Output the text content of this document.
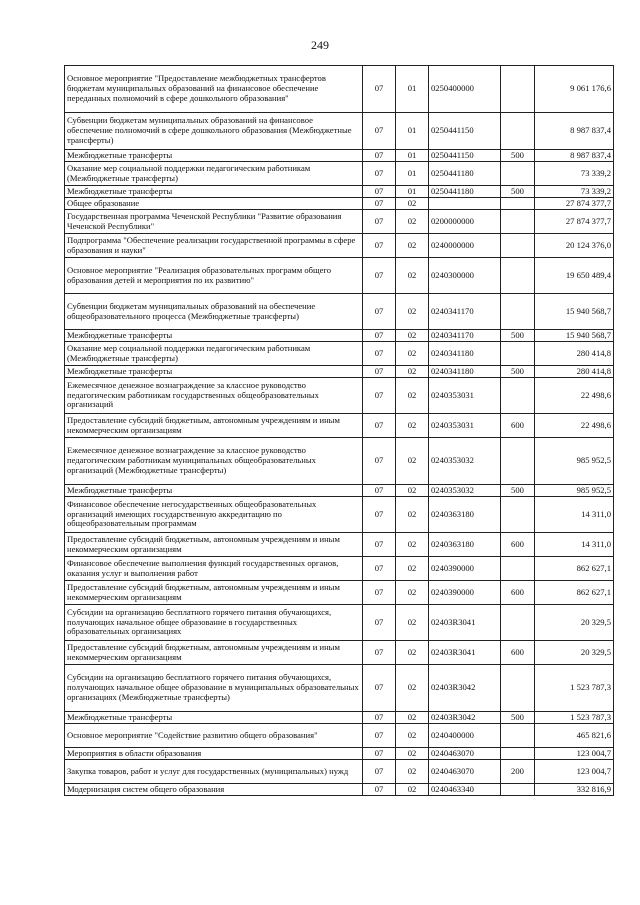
249
Основное мероприятие "Предоставление межбюджетных трансфертов бюджетам муниципальных образований на финансовое обеспечение переданных полномочий в сфере дошкольного образования"	07	01	0250400000		9 061 176,6
Субвенции бюджетам муниципальных образований на финансовое обеспечение полномочий в сфере дошкольного образования (Межбюджетные трансферты)	07	01	0250441150		8 987 837,4
Межбюджетные трансферты	07	01	0250441150	500	8 987 837,4
Оказание мер социальной поддержки педагогическим работникам (Межбюджетные трансферты)	07	01	0250441180		73 339,2
Межбюджетные трансферты	07	01	0250441180	500	73 339,2
Общее образование	07	02			27 874 377,7
Государственная программа Чеченской Республики "Развитие образования Чеченской Республики"	07	02	0200000000		27 874 377,7
Подпрограмма "Обеспечение реализации государственной программы в сфере образования и науки"	07	02	0240000000		20 124 376,0
Основное мероприятие "Реализация образовательных программ общего образования детей и мероприятия по их развитию"	07	02	0240300000		19 650 489,4
Субвенции бюджетам муниципальных образований на обеспечение общеобразовательного процесса (Межбюджетные трансферты)	07	02	0240341170		15 940 568,7
Межбюджетные трансферты	07	02	0240341170	500	15 940 568,7
Оказание мер социальной поддержки педагогическим работникам (Межбюджетные трансферты)	07	02	0240341180		280 414,8
Межбюджетные трансферты	07	02	0240341180	500	280 414,8
Ежемесячное денежное вознаграждение за классное руководство педагогическим работникам государственных общеобразовательных организаций	07	02	0240353031		22 498,6
Предоставление субсидий бюджетным, автономным учреждениям и иным некоммерческим организациям	07	02	0240353031	600	22 498,6
Ежемесячное денежное вознаграждение за классное руководство педагогическим работникам муниципальных общеобразовательных организаций (Межбюджетные трансферты)	07	02	0240353032		985 952,5
Межбюджетные трансферты	07	02	0240353032	500	985 952,5
Финансовое обеспечение негосударственных общеобразовательных организаций имеющих государственную аккредитацию по общеобразовательным программам	07	02	0240363180		14 311,0
Предоставление субсидий бюджетным, автономным учреждениям и иным некоммерческим организациям	07	02	0240363180	600	14 311,0
Финансовое обеспечение выполнения функций государственных органов, оказания услуг и выполнения работ	07	02	0240390000		862 627,1
Предоставление субсидий бюджетным, автономным учреждениям и иным некоммерческим организациям	07	02	0240390000	600	862 627,1
Субсидии на организацию бесплатного горячего питания обучающихся, получающих начальное общее образование в государственных образовательных организациях	07	02	02403R3041		20 329,5
Предоставление субсидий бюджетным, автономным учреждениям и иным некоммерческим организациям	07	02	02403R3041	600	20 329,5
Субсидии на организацию бесплатного горячего питания обучающихся, получающих начальное общее образование в муниципальных образовательных организациях (Межбюджетные трансферты)	07	02	02403R3042		1 523 787,3
Межбюджетные трансферты	07	02	02403R3042	500	1 523 787,3
Основное мероприятие "Содействие развитию общего образования"	07	02	0240400000		465 821,6
Мероприятия в области образования	07	02	0240463070		123 004,7
Закупка товаров, работ и услуг для государственных (муниципальных) нужд	07	02	0240463070	200	123 004,7
Модернизация систем общего образования	07	02	0240463340		332 816,9
